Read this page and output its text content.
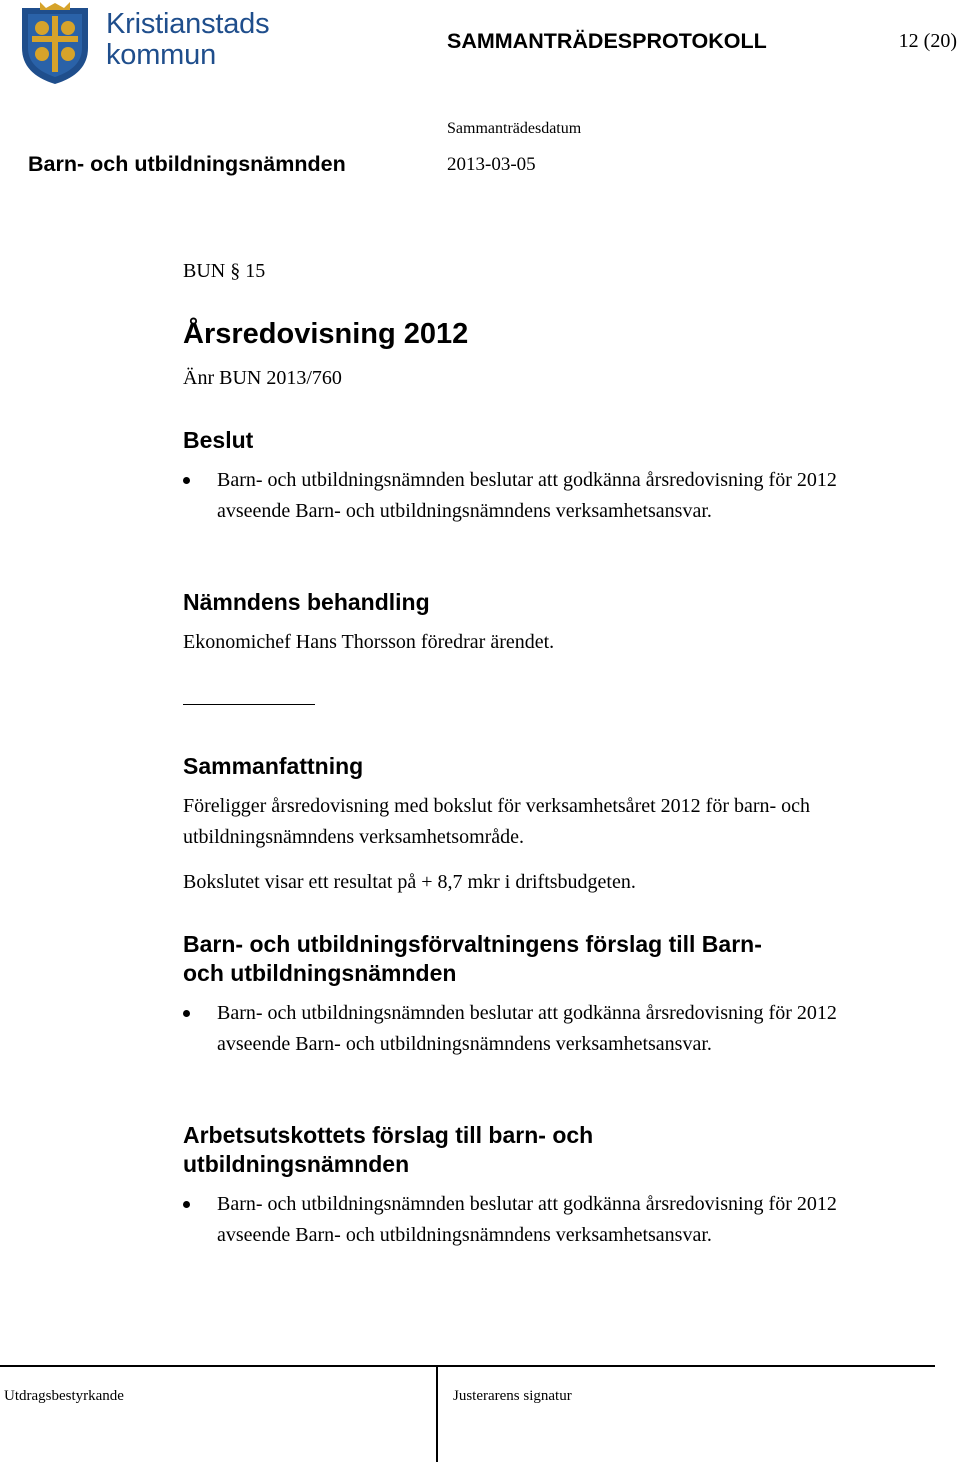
Kristianstads
kommun	SAMMANTRÄDESPROTOKOLL	12 (20)
Sammanträdesdatum
Barn- och utbildningsnämnden	2013-03-05
BUN § 15
Årsredovisning 2012
Änr BUN 2013/760
Beslut
Barn- och utbildningsnämnden beslutar att godkänna årsredovisning för 2012 avseende Barn- och utbildningsnämndens verksamhetsansvar.
Nämndens behandling
Ekonomichef Hans Thorsson föredrar ärendet.
Sammanfattning
Föreligger årsredovisning med bokslut för verksamhetsåret 2012 för barn- och utbildningsnämndens verksamhetsområde.
Bokslutet visar ett resultat på + 8,7 mkr i driftsbudgeten.
Barn- och utbildningsförvaltningens förslag till Barn-
och utbildningsnämnden
Barn- och utbildningsnämnden beslutar att godkänna årsredovisning för 2012 avseende Barn- och utbildningsnämndens verksamhetsansvar.
Arbetsutskottets förslag till barn- och
utbildningsnämnden
Barn- och utbildningsnämnden beslutar att godkänna årsredovisning för 2012 avseende Barn- och utbildningsnämndens verksamhetsansvar.
Utdragsbestyrkande	Justerarens signatur
